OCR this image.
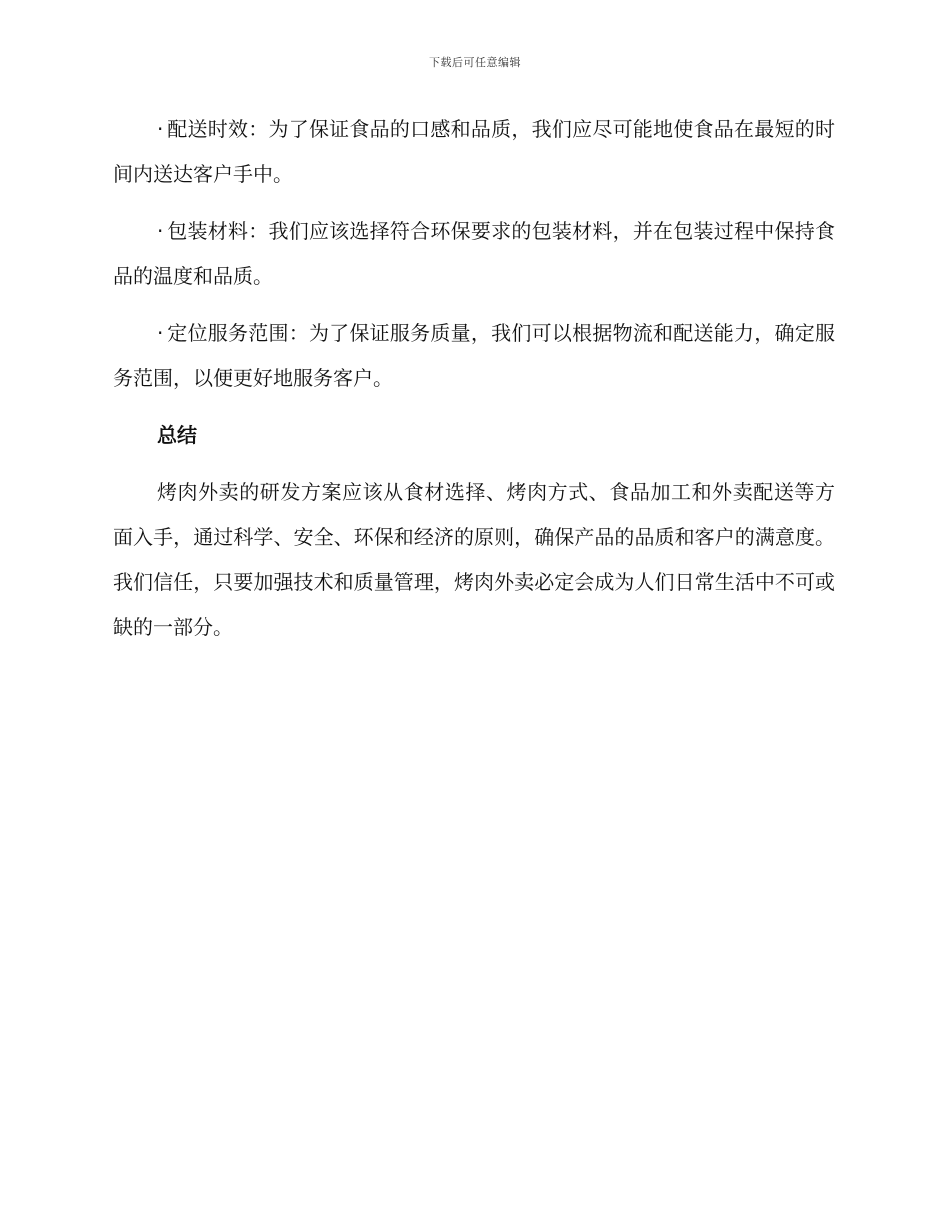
下载后可任意编辑

· 配送时效：为了保证食品的口感和品质，我们应尽可能地使食品在最短的时间内送达客户手中。

· 包装材料：我们应该选择符合环保要求的包装材料，并在包装过程中保持食品的温度和品质。

· 定位服务范围：为了保证服务质量，我们可以根据物流和配送能力，确定服务范围，以便更好地服务客户。

总结

烤肉外卖的研发方案应该从食材选择、烤肉方式、食品加工和外卖配送等方面入手，通过科学、安全、环保和经济的原则，确保产品的品质和客户的满意度。我们信任，只要加强技术和质量管理，烤肉外卖必定会成为人们日常生活中不可或缺的一部分。
